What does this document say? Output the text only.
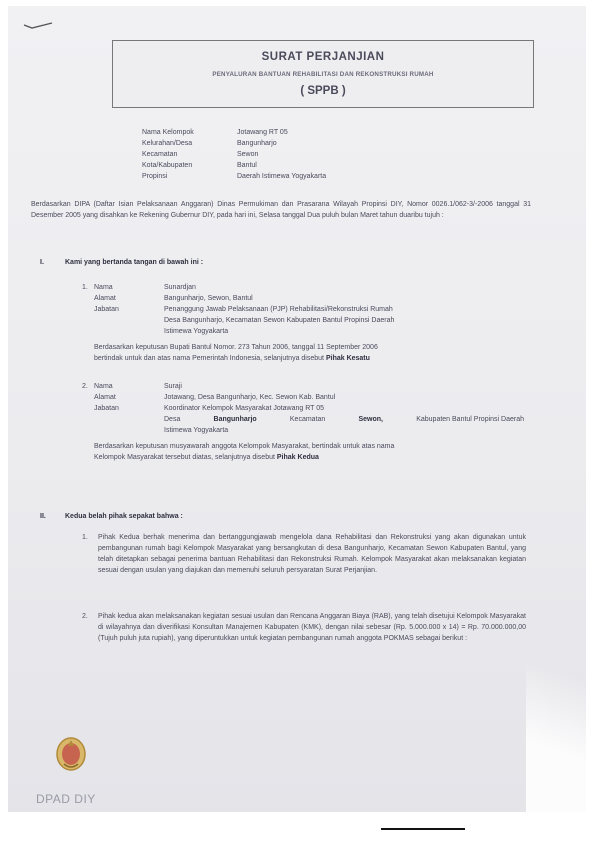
SURAT PERJANJIAN
PENYALURAN BANTUAN REHABILITASI DAN REKONSTRUKSI RUMAH
( SPPB )
Nama Kelompok	Jotawang RT 05
Kelurahan/Desa	Bangunharjo
Kecamatan	Sewon
Kota/Kabupaten	Bantul
Propinsi	Daerah Istimewa Yogyakarta

Berdasarkan DIPA (Daftar Isian Pelaksanaan Anggaran) Dinas Permukiman dan Prasarana Wilayah Propinsi DIY, Nomor 0026.1/062-3/-2006 tanggal 31 Desember 2005 yang disahkan ke Rekening Gubernur DIY, pada hari ini, Selasa tanggal Dua puluh bulan Maret tahun duaribu tujuh :

I.	Kami yang bertanda tangan di bawah ini :
1. Nama	Sunardjan
Alamat	Bangunharjo, Sewon, Bantul
Jabatan	Penanggung Jawab Pelaksanaan (PJP) Rehabilitasi/Rekonstruksi Rumah
Desa Bangunharjo, Kecamatan Sewon Kabupaten Bantul Propinsi Daerah
Istimewa Yogyakarta
Berdasarkan keputusan Bupati Bantul Nomor. 273 Tahun 2006, tanggal 11 September 2006
bertindak untuk dan atas nama Pemerintah Indonesia, selanjutnya disebut Pihak Kesatu
2. Nama	Suraji
Alamat	Jotawang, Desa Bangunharjo, Kec. Sewon Kab. Bantul
Jabatan	Koordinator Kelompok Masyarakat Jotawang RT 05
Desa	Bangunharjo	Kecamatan	Sewon,	Kabupaten Bantul Propinsi Daerah
Istimewa Yogyakarta
Berdasarkan keputusan musyawarah anggota Kelompok Masyarakat, bertindak untuk atas nama
Kelompok Masyarakat tersebut diatas, selanjutnya disebut Pihak Kedua
II.	Kedua belah pihak sepakat bahwa :
1. Pihak Kedua berhak menerima dan bertanggungjawab mengelola dana Rehabilitasi dan Rekonstruksi yang akan digunakan untuk pembangunan rumah bagi Kelompok Masyarakat yang bersangkutan di desa Bangunharjo, Kecamatan Sewon Kabupaten Bantul, yang telah ditetapkan sebagai penerima bantuan Rehabilitasi dan Rekonstruksi Rumah. Kelompok Masyarakat akan melaksanakan kegiatan sesuai dengan usulan yang diajukan dan memenuhi seluruh persyaratan Surat Perjanjian.

2. Pihak kedua akan melaksanakan kegiatan sesuai usulan dan Rencana Anggaran Biaya (RAB), yang telah disetujui Kelompok Masyarakat di wilayahnya dan diverifikasi Konsultan Manajemen Kabupaten (KMK), dengan nilai sebesar (Rp. 5.000.000 x 14) = Rp. 70.000.000,00 (Tujuh puluh juta rupiah), yang diperuntukkan untuk kegiatan pembangunan rumah anggota POKMAS sebagai berikut :

DPAD DIY
